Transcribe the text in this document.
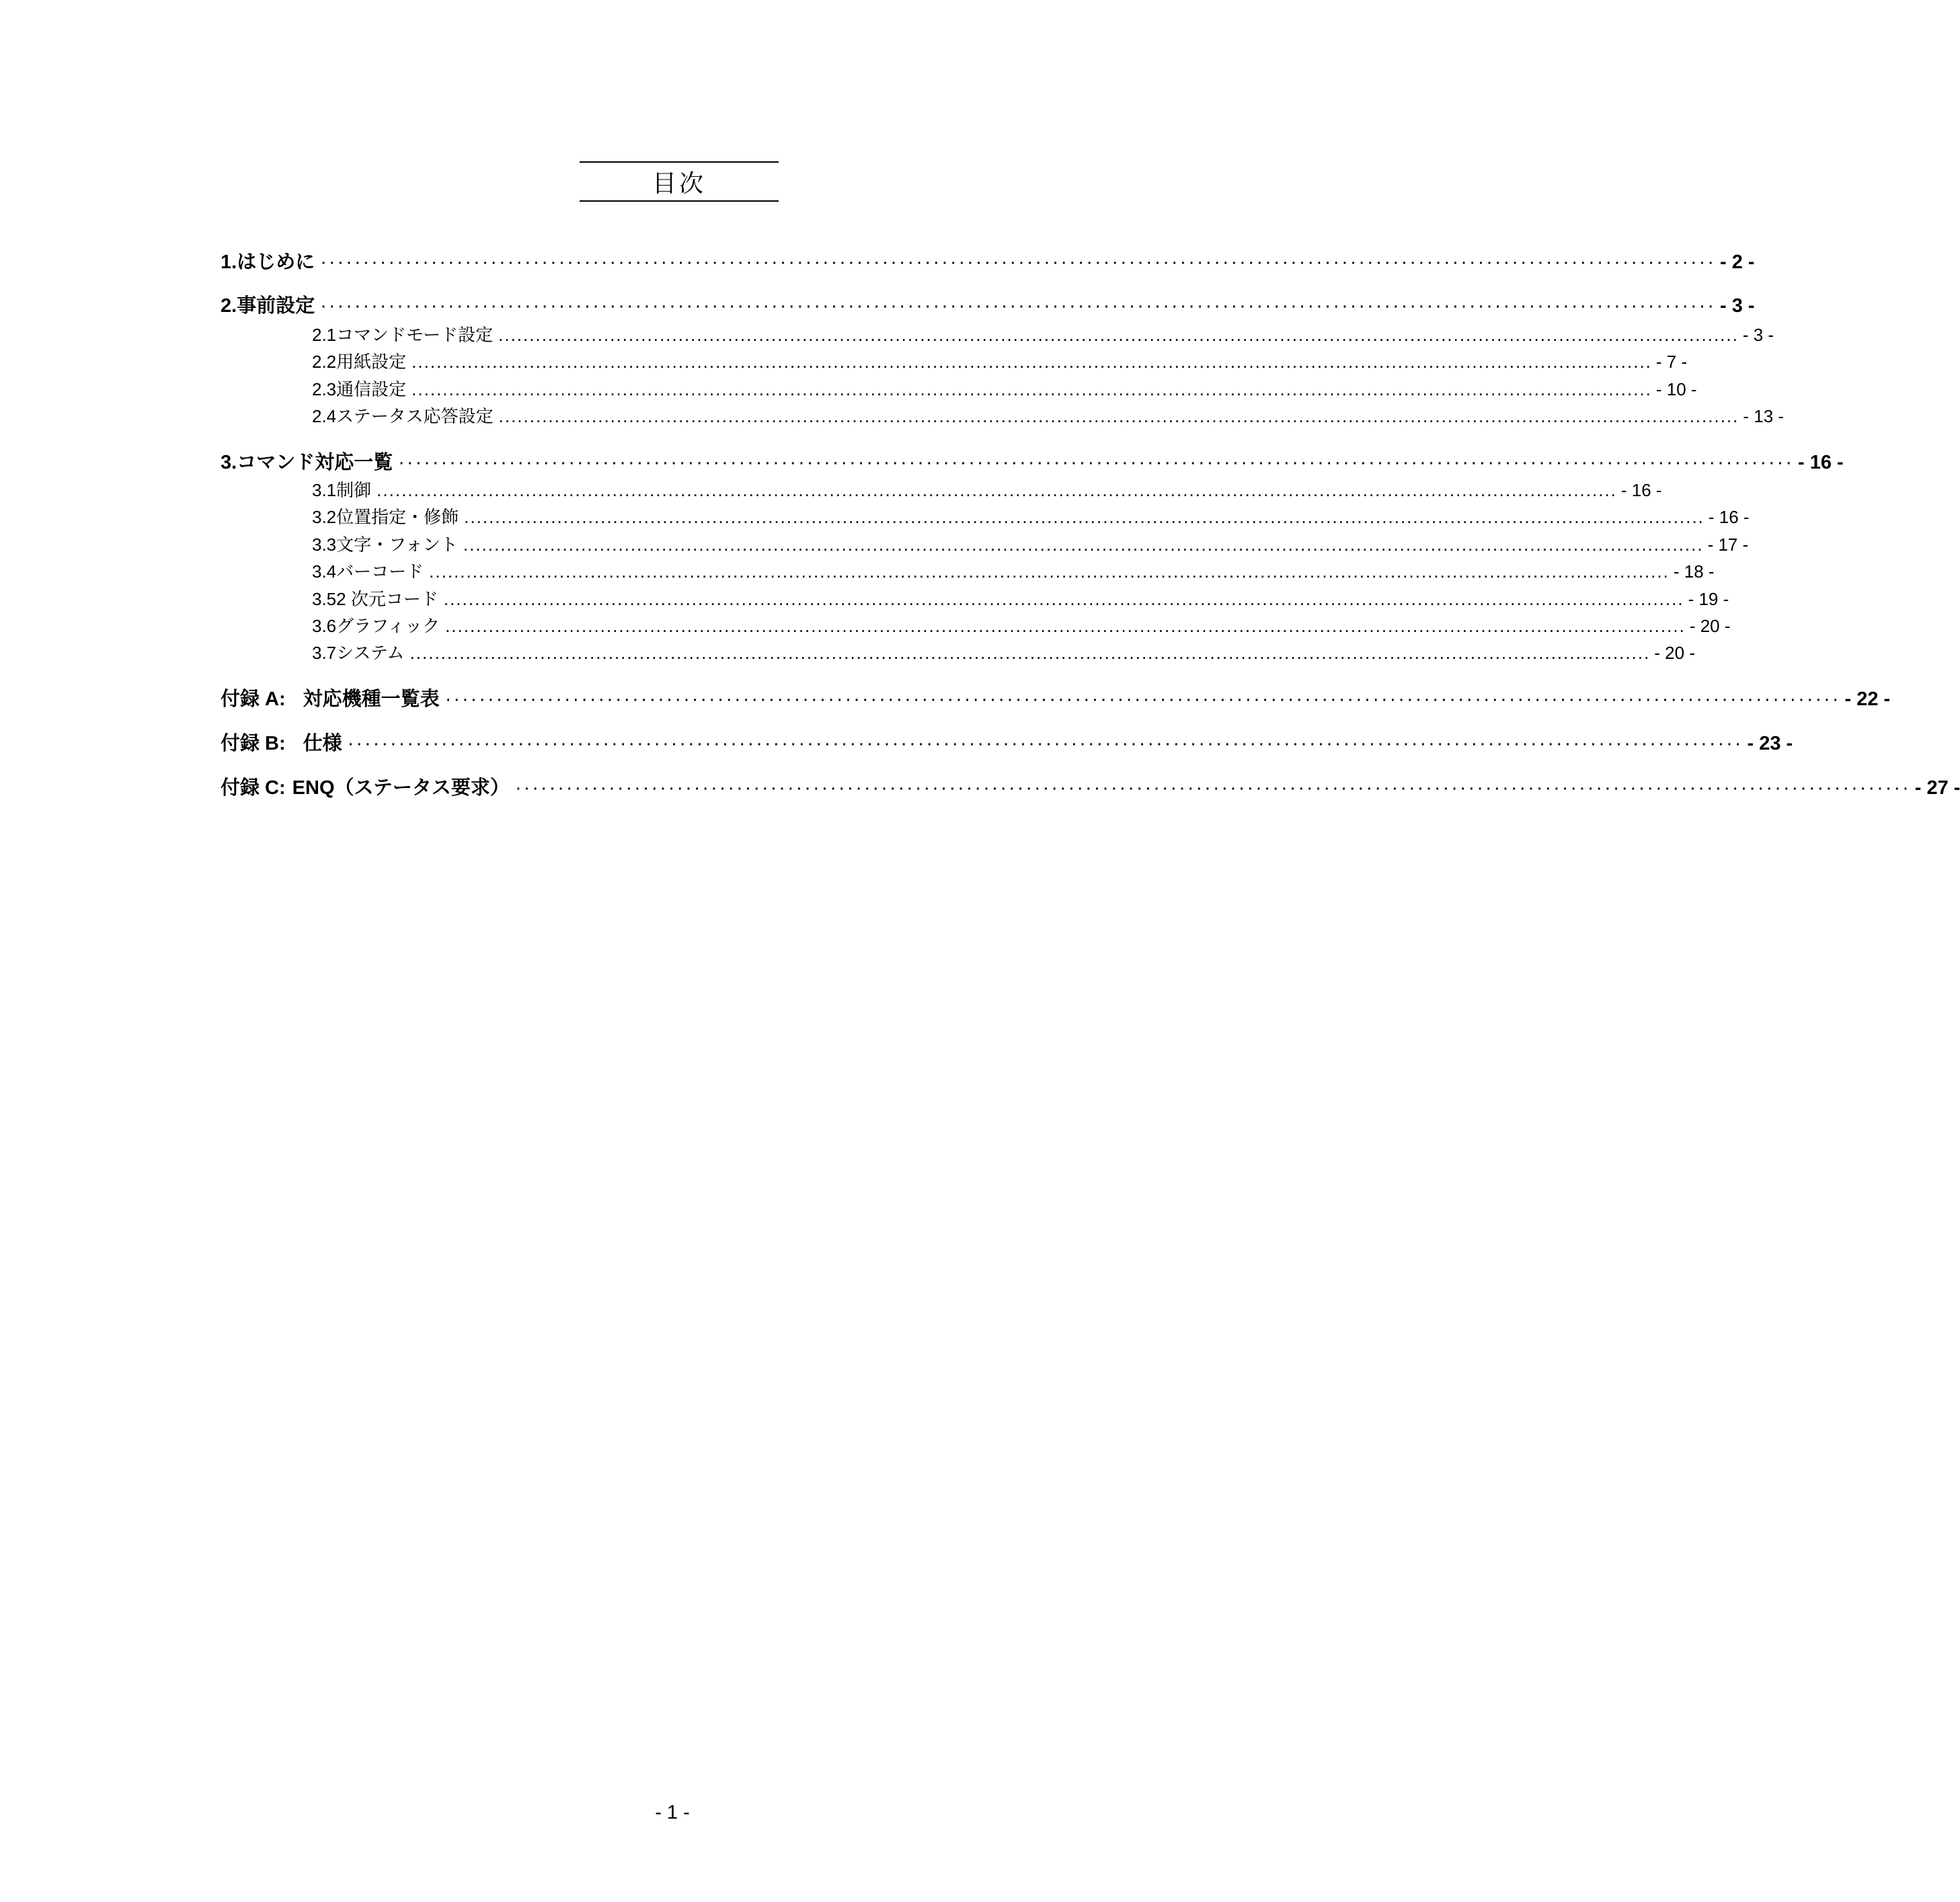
目次
1. はじめに ···································································································································································· - 2 -
2. 事前設定 ···································································································································································· - 3 -
2.1 コマンドモード設定 ........................................................................................................................................................................................................ - 3 -
2.2 用紙設定 ........................................................................................................................................................................................................ - 7 -
2.3 通信設定 ........................................................................................................................................................................................................ - 10 -
2.4 ステータス応答設定 ........................................................................................................................................................................................................ - 13 -
3. コマンド対応一覧 ···································································································································································· - 16 -
3.1 制御 ........................................................................................................................................................................................................ - 16 -
3.2 位置指定・修飾 ........................................................................................................................................................................................................ - 16 -
3.3 文字・フォント ........................................................................................................................................................................................................ - 17 -
3.4 バーコード ........................................................................................................................................................................................................ - 18 -
3.5 2 次元コード ........................................................................................................................................................................................................ - 19 -
3.6 グラフィック ........................................................................................................................................................................................................ - 20 -
3.7 システム ........................................................................................................................................................................................................ - 20 -
付録 A: 対応機種一覧表 ···································································································································································· - 22 -
付録 B: 仕様 ···································································································································································· - 23 -
付録 C: ENQ（ステータス要求） ···································································································································································· - 27 -
- 1 -
